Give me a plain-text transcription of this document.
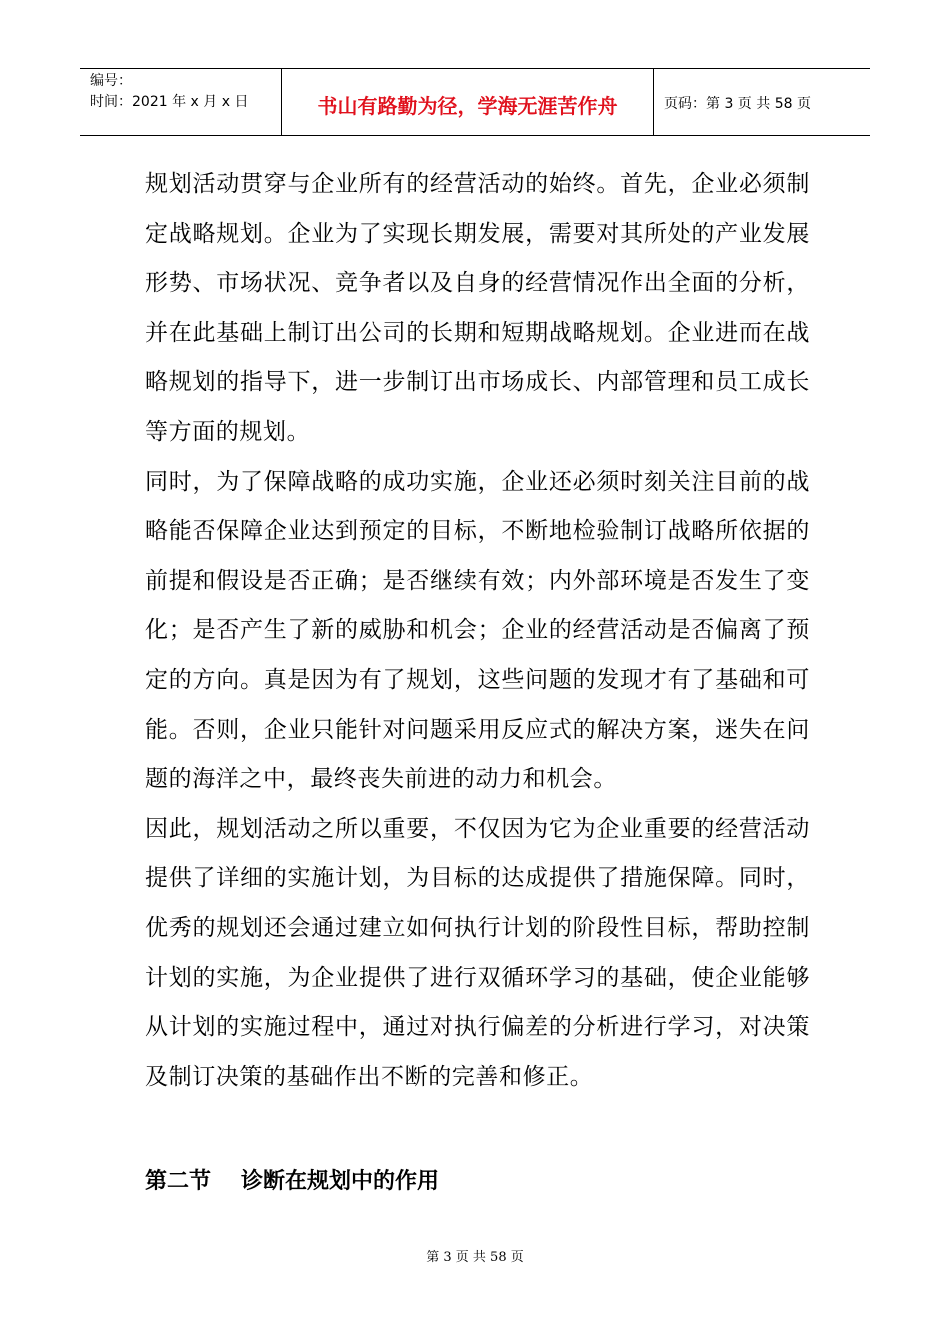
编号：
时间：2021 年 x 月 x 日	书山有路勤为径，学海无涯苦作舟	页码：第 3 页 共 58 页

规划活动贯穿与企业所有的经营活动的始终。首先，企业必须制定战略规划。企业为了实现长期发展，需要对其所处的产业发展形势、市场状况、竞争者以及自身的经营情况作出全面的分析，并在此基础上制订出公司的长期和短期战略规划。企业进而在战略规划的指导下，进一步制订出市场成长、内部管理和员工成长等方面的规划。

同时，为了保障战略的成功实施，企业还必须时刻关注目前的战略能否保障企业达到预定的目标，不断地检验制订战略所依据的前提和假设是否正确；是否继续有效；内外部环境是否发生了变化；是否产生了新的威胁和机会；企业的经营活动是否偏离了预定的方向。真是因为有了规划，这些问题的发现才有了基础和可能。否则，企业只能针对问题采用反应式的解决方案，迷失在问题的海洋之中，最终丧失前进的动力和机会。

因此，规划活动之所以重要，不仅因为它为企业重要的经营活动提供了详细的实施计划，为目标的达成提供了措施保障。同时，优秀的规划还会通过建立如何执行计划的阶段性目标，帮助控制计划的实施，为企业提供了进行双循环学习的基础，使企业能够从计划的实施过程中，通过对执行偏差的分析进行学习，对决策及制订决策的基础作出不断的完善和修正。

第二节 诊断在规划中的作用
第 3 页 共 58 页
